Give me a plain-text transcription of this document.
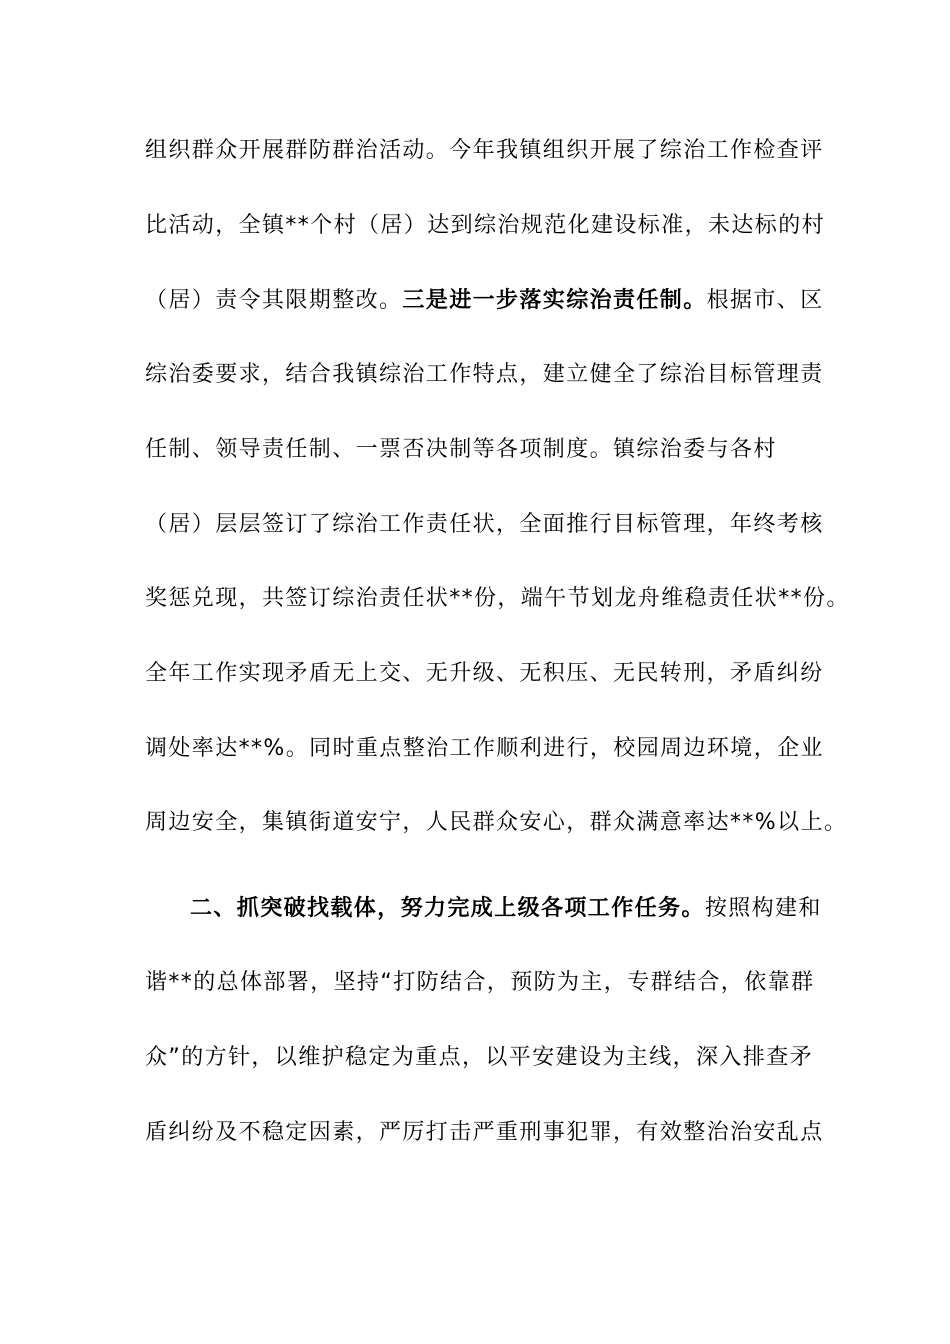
组织群众开展群防群治活动。今年我镇组织开展了综治工作检查评
比活动，全镇**个村（居）达到综治规范化建设标准，未达标的村
（居）责令其限期整改。三是进一步落实综治责任制。根据市、区
综治委要求，结合我镇综治工作特点，建立健全了综治目标管理责
任制、领导责任制、一票否决制等各项制度。镇综治委与各村
（居）层层签订了综治工作责任状，全面推行目标管理，年终考核
奖惩兑现，共签订综治责任状**份，端午节划龙舟维稳责任状**份。
全年工作实现矛盾无上交、无升级、无积压、无民转刑，矛盾纠纷
调处率达**%。同时重点整治工作顺利进行，校园周边环境，企业
周边安全，集镇街道安宁，人民群众安心，群众满意率达**%以上。
二、抓突破找载体，努力完成上级各项工作任务。按照构建和
谐**的总体部署，坚持“打防结合，预防为主，专群结合，依靠群
众”的方针，以维护稳定为重点，以平安建设为主线，深入排查矛
盾纠纷及不稳定因素，严厉打击严重刑事犯罪，有效整治治安乱点
